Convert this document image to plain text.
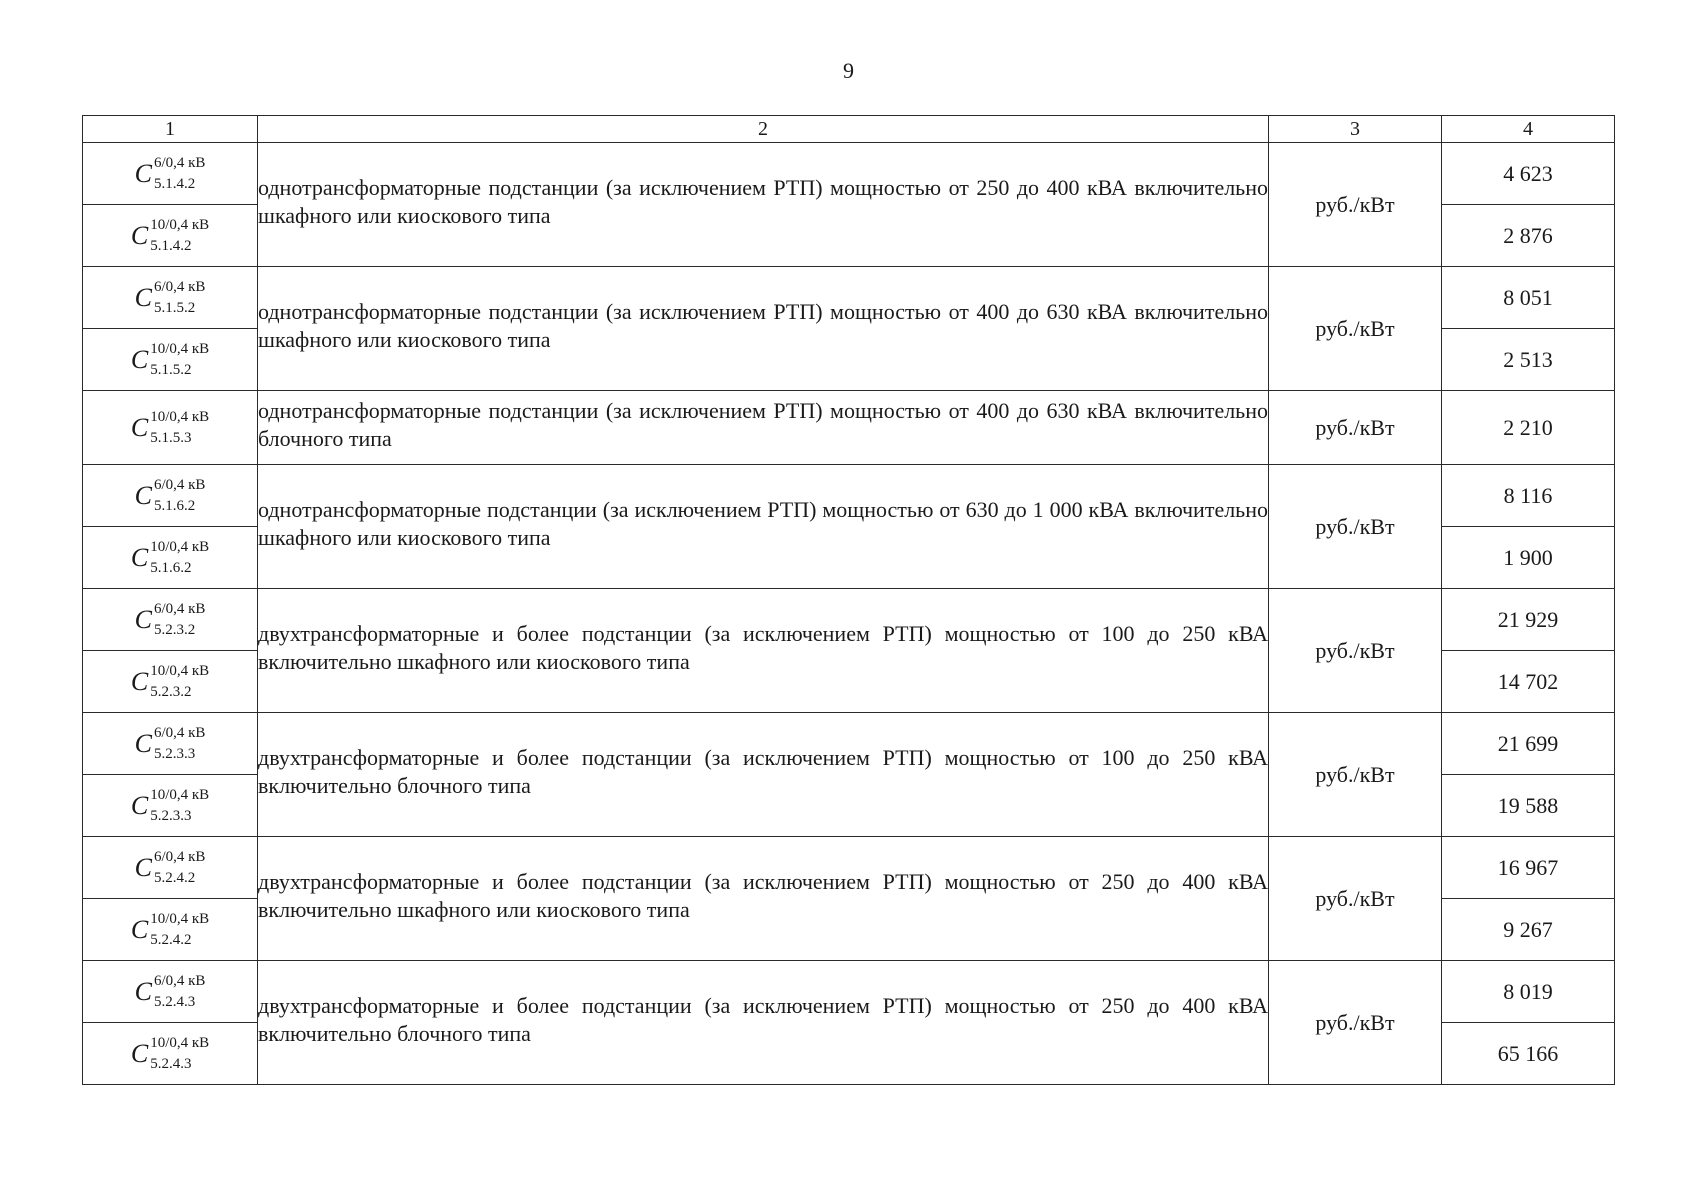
9
1	2	3	4

C 6/0,4 кВ
5.1.4.2	однотрансформаторные подстанции (за исключением РТП) мощностью от 250 до 400 кВА включительно шкафного или киоскового типа	руб./кВт	4 623

C 10/0,4 кВ
5.1.4.2			2 876

C 6/0,4 кВ
5.1.5.2	однотрансформаторные подстанции (за исключением РТП) мощностью от 400 до 630 кВА включительно шкафного или киоскового типа	руб./кВт	8 051

C 10/0,4 кВ
5.1.5.2			2 513

C 10/0,4 кВ
5.1.5.3	однотрансформаторные подстанции (за исключением РТП) мощностью от 400 до 630 кВА включительно блочного типа	руб./кВт	2 210

C 6/0,4 кВ
5.1.6.2	однотрансформаторные подстанции (за исключением РТП) мощностью от 630 до 1 000 кВА включительно шкафного или киоскового типа	руб./кВт	8 116

C 10/0,4 кВ
5.1.6.2			1 900

C 6/0,4 кВ
5.2.3.2	двухтрансформаторные и более подстанции (за исключением РТП) мощностью от 100 до 250 кВА включительно шкафного или киоскового типа	руб./кВт	21 929

C 10/0,4 кВ
5.2.3.2			14 702

C 6/0,4 кВ
5.2.3.3	двухтрансформаторные и более подстанции (за исключением РТП) мощностью от 100 до 250 кВА включительно блочного типа	руб./кВт	21 699

C 10/0,4 кВ
5.2.3.3			19 588

C 6/0,4 кВ
5.2.4.2	двухтрансформаторные и более подстанции (за исключением РТП) мощностью от 250 до 400 кВА включительно шкафного или киоскового типа	руб./кВт	16 967

C 10/0,4 кВ
5.2.4.2			9 267

C 6/0,4 кВ
5.2.4.3	двухтрансформаторные и более подстанции (за исключением РТП) мощностью от 250 до 400 кВА включительно блочного типа	руб./кВт	8 019

C 10/0,4 кВ
5.2.4.3			65 166
